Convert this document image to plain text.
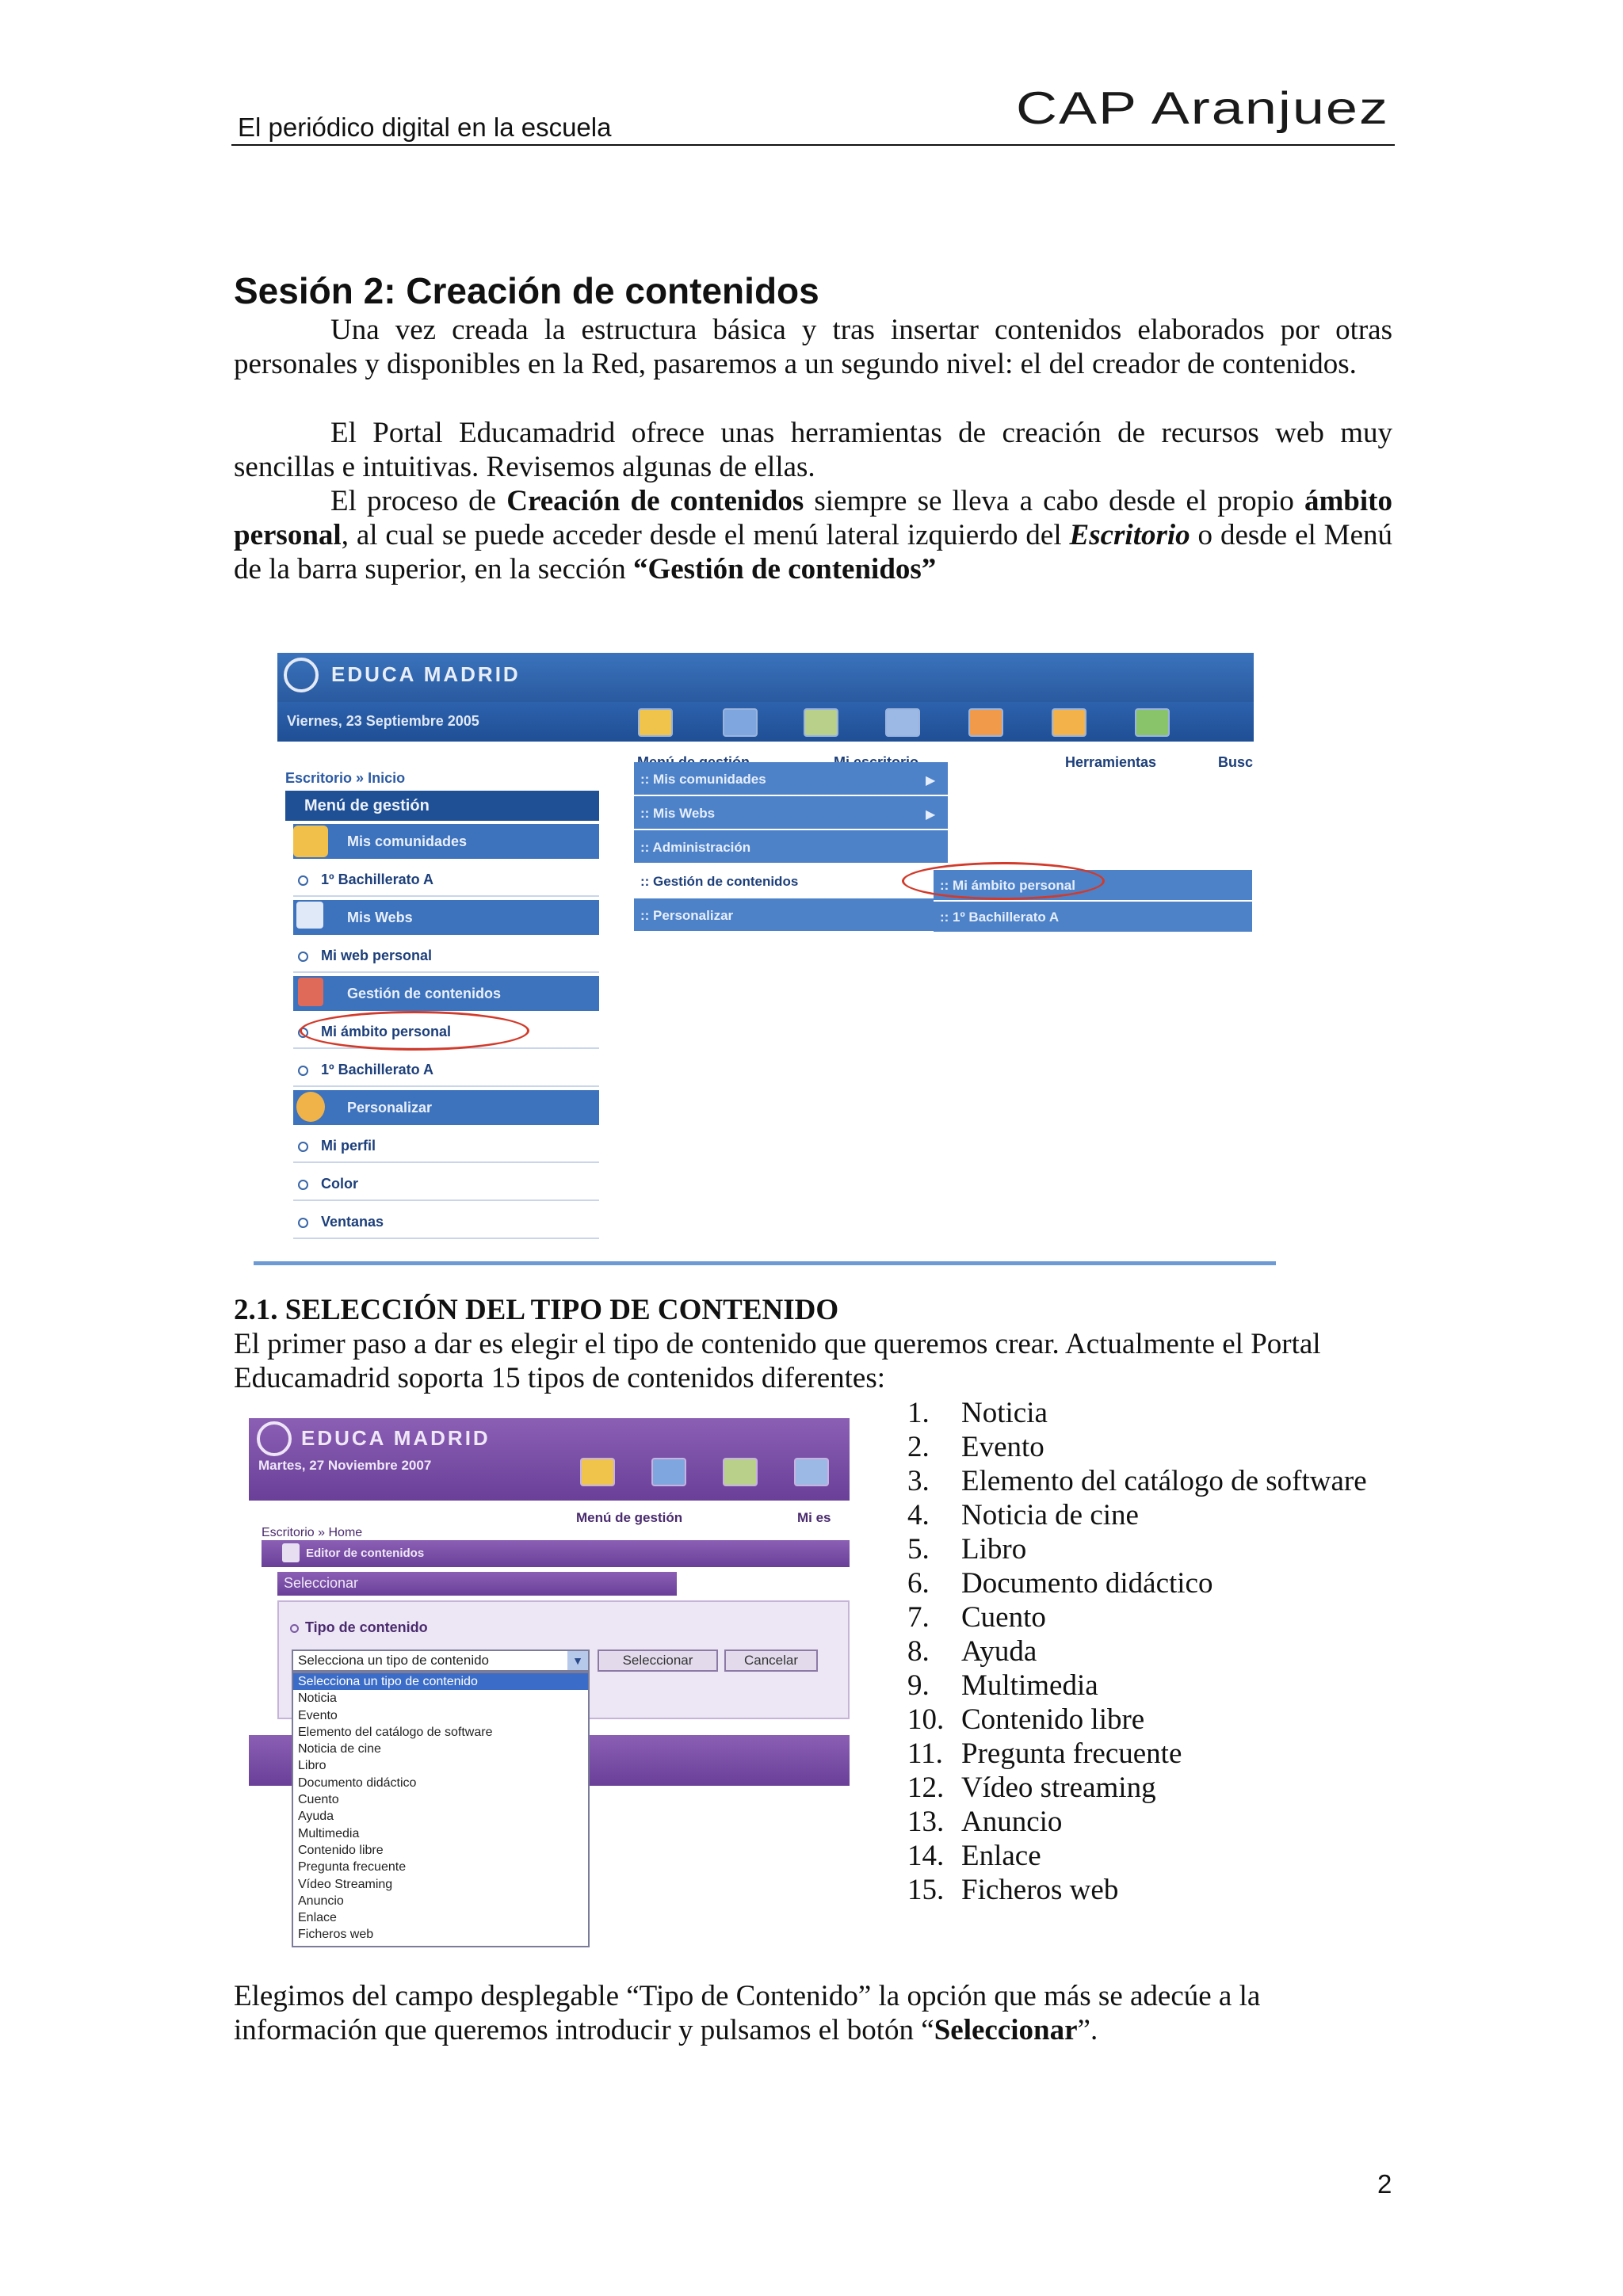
El periódico digital en la escuela	CAP Aranjuez
Sesión 2: Creación de contenidos
Una vez creada la estructura básica y tras insertar contenidos elaborados por otras personales y disponibles en la Red, pasaremos a un segundo nivel: el del creador de contenidos.
El Portal Educamadrid ofrece unas herramientas de creación de recursos web muy sencillas e intuitivas. Revisemos algunas de ellas.
El proceso de Creación de contenidos siempre se lleva a cabo desde el propio ámbito personal, al cual se puede acceder desde el menú lateral izquierdo del Escritorio o desde el Menú de la barra superior, en la sección “Gestión de contenidos”
EDUCA MADRID
Viernes, 23 Septiembre 2005
Herramientas	Busc
Escritorio » Inicio
Menú de gestión
Mis comunidades
1º Bachillerato A
Mis Webs
Mi web personal
Gestión de contenidos
Mi ámbito personal
1º Bachillerato A
Personalizar
Mi perfil
Color
Ventanas
:: Mis comunidades	▶
:: Mis Webs	▶
:: Administración
:: Gestión de contenidos
:: Personalizar
:: Mi ámbito personal
:: 1º Bachillerato A
2.1. SELECCIÓN DEL TIPO DE CONTENIDO
El primer paso a dar es elegir el tipo de contenido que queremos crear. Actualmente el Portal Educamadrid soporta 15 tipos de contenidos diferentes:
EDUCA MADRID
Martes, 27 Noviembre 2007
Menú de gestión	Mi es
Escritorio » Home
Editor de contenidos
Seleccionar
Tipo de contenido
Selecciona un tipo de contenido	▼	Seleccionar	Cancelar
Selecciona un tipo de contenido
Noticia
Evento
Elemento del catálogo de software
Noticia de cine
Libro
Documento didáctico
Cuento
Ayuda
Multimedia
Contenido libre
Pregunta frecuente
Vídeo Streaming
Anuncio
Enlace
Ficheros web
1. Noticia
2. Evento
3. Elemento del catálogo de software
4. Noticia de cine
5. Libro
6. Documento didáctico
7. Cuento
8. Ayuda
9. Multimedia
10. Contenido libre
11. Pregunta frecuente
12. Vídeo streaming
13. Anuncio
14. Enlace
15. Ficheros web
Elegimos del campo desplegable “Tipo de Contenido” la opción que más se adecúe a la información que queremos introducir y pulsamos el botón “Seleccionar”.
2
